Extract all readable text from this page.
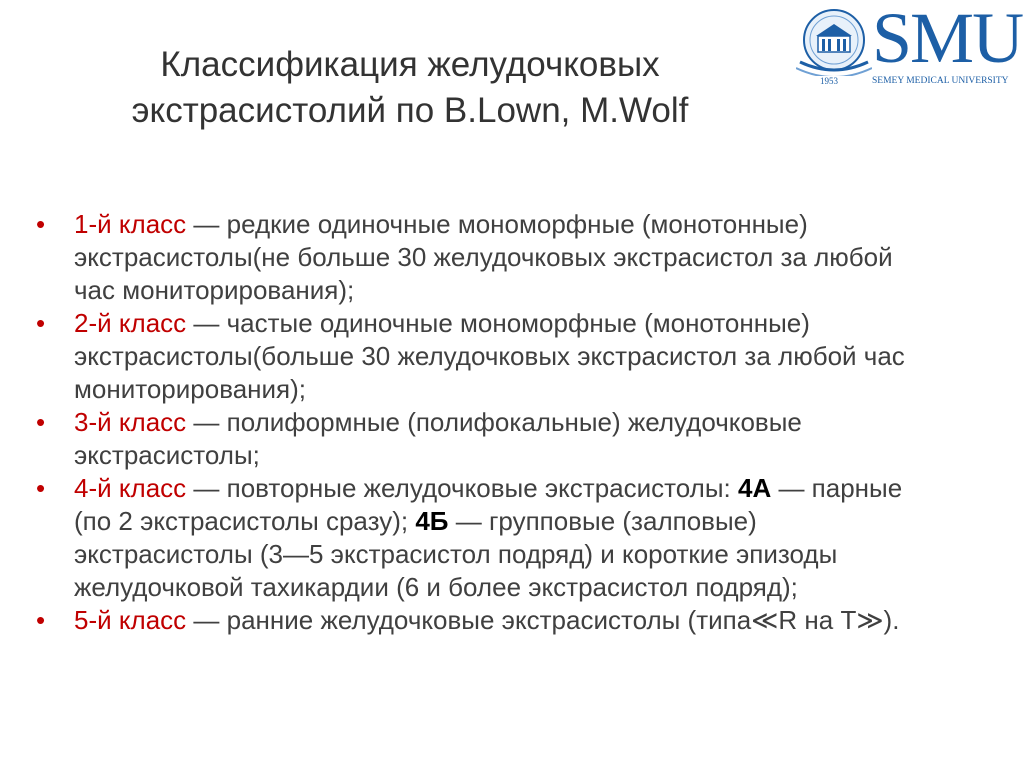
Классификация желудочковых
экстрасистолий по B.Lown, M.Wolf
1953
SMU
SEMEY MEDICAL UNIVERSITY
• 1-й класс — редкие одиночные мономорфные (монотонные)
экстрасистолы(не больше 30 желудочковых экстрасистол за любой
час мониторирования);
• 2-й класс — частые одиночные мономорфные (монотонные)
экстрасистолы(больше 30 желудочковых экстрасистол за любой час
мониторирования);
• 3-й класс — полиформные (полифокальные) желудочковые
экстрасистолы;
• 4-й класс — повторные желудочковые экстрасистолы: 4А — парные
(по 2 экстрасистолы сразу); 4Б — групповые (залповые)
экстрасистолы (3—5 экстрасистол подряд) и короткие эпизоды
желудочковой тахикардии (6 и более экстрасистол подряд);
• 5-й класс — ранние желудочковые экстрасистолы (типа≪R на T≫).
